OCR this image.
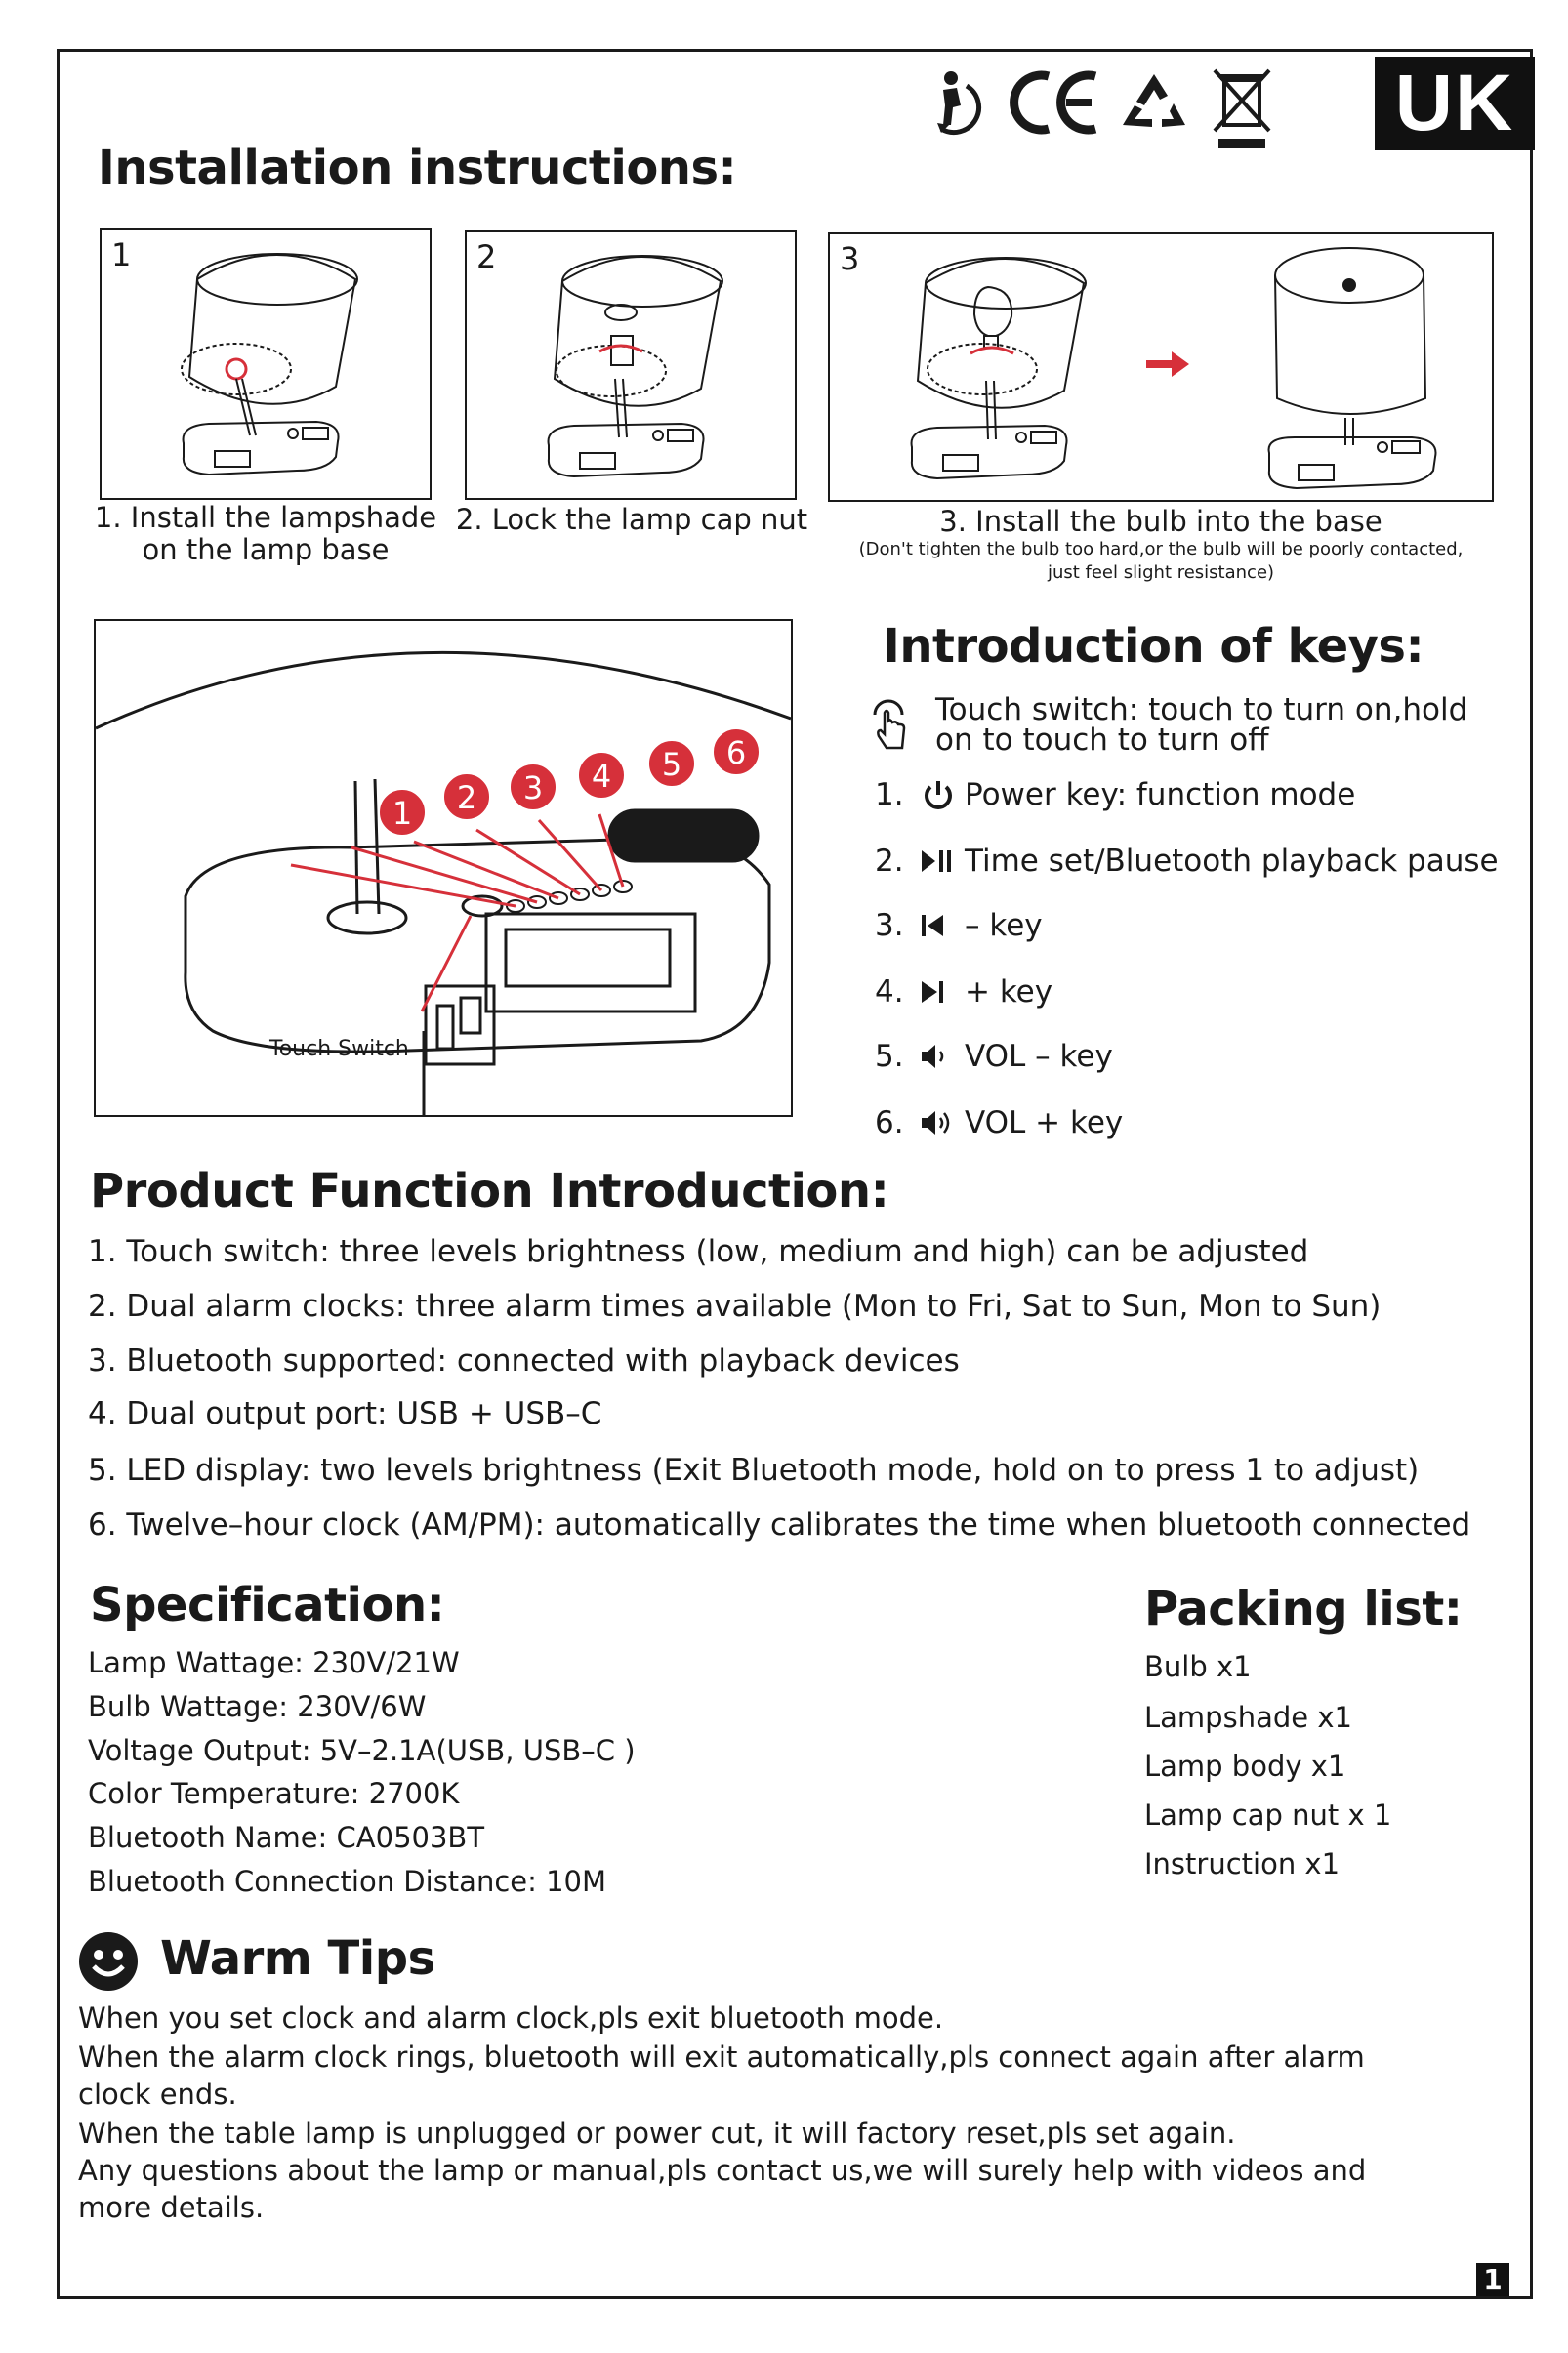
UK
Installation instructions:
1	2	3
1. Install the lampshade
on the lamp base
2. Lock the lamp cap nut	3. Install the bulb into the base
(Don't tighten the bulb too hard,or the bulb will be poorly contacted,
just feel slight resistance)
1 2 3 4 5 6
Touch Switch
Introduction of keys:
Touch switch: touch to turn on,hold
on to touch to turn off
1.	Power key: function mode
2.	Time set/Bluetooth playback pause
3.	– key
4.	+ key
5.	VOL – key
6.	VOL + key
Product Function Introduction:
1. Touch switch: three levels brightness (low, medium and high) can be adjusted
2. Dual alarm clocks: three alarm times available (Mon to Fri, Sat to Sun, Mon to Sun)
3. Bluetooth supported: connected with playback devices
4. Dual output port: USB + USB–C
5. LED display: two levels brightness (Exit Bluetooth mode, hold on to press 1 to adjust)
6. Twelve–hour clock (AM/PM): automatically calibrates the time when bluetooth connected
Specification:
Lamp Wattage: 230V/21W
Bulb Wattage: 230V/6W
Voltage Output: 5V–2.1A(USB, USB–C )
Color Temperature: 2700K
Bluetooth Name: CA0503BT
Bluetooth Connection Distance: 10M
Packing list:
Bulb x1
Lampshade x1
Lamp body x1
Lamp cap nut x 1
Instruction x1
Warm Tips
When you set clock and alarm clock,pls exit bluetooth mode.
When the alarm clock rings, bluetooth will exit automatically,pls connect again after alarm
clock ends.
When the table lamp is unplugged or power cut, it will factory reset,pls set again.
Any questions about the lamp or manual,pls contact us,we will surely help with videos and
more details.
1
